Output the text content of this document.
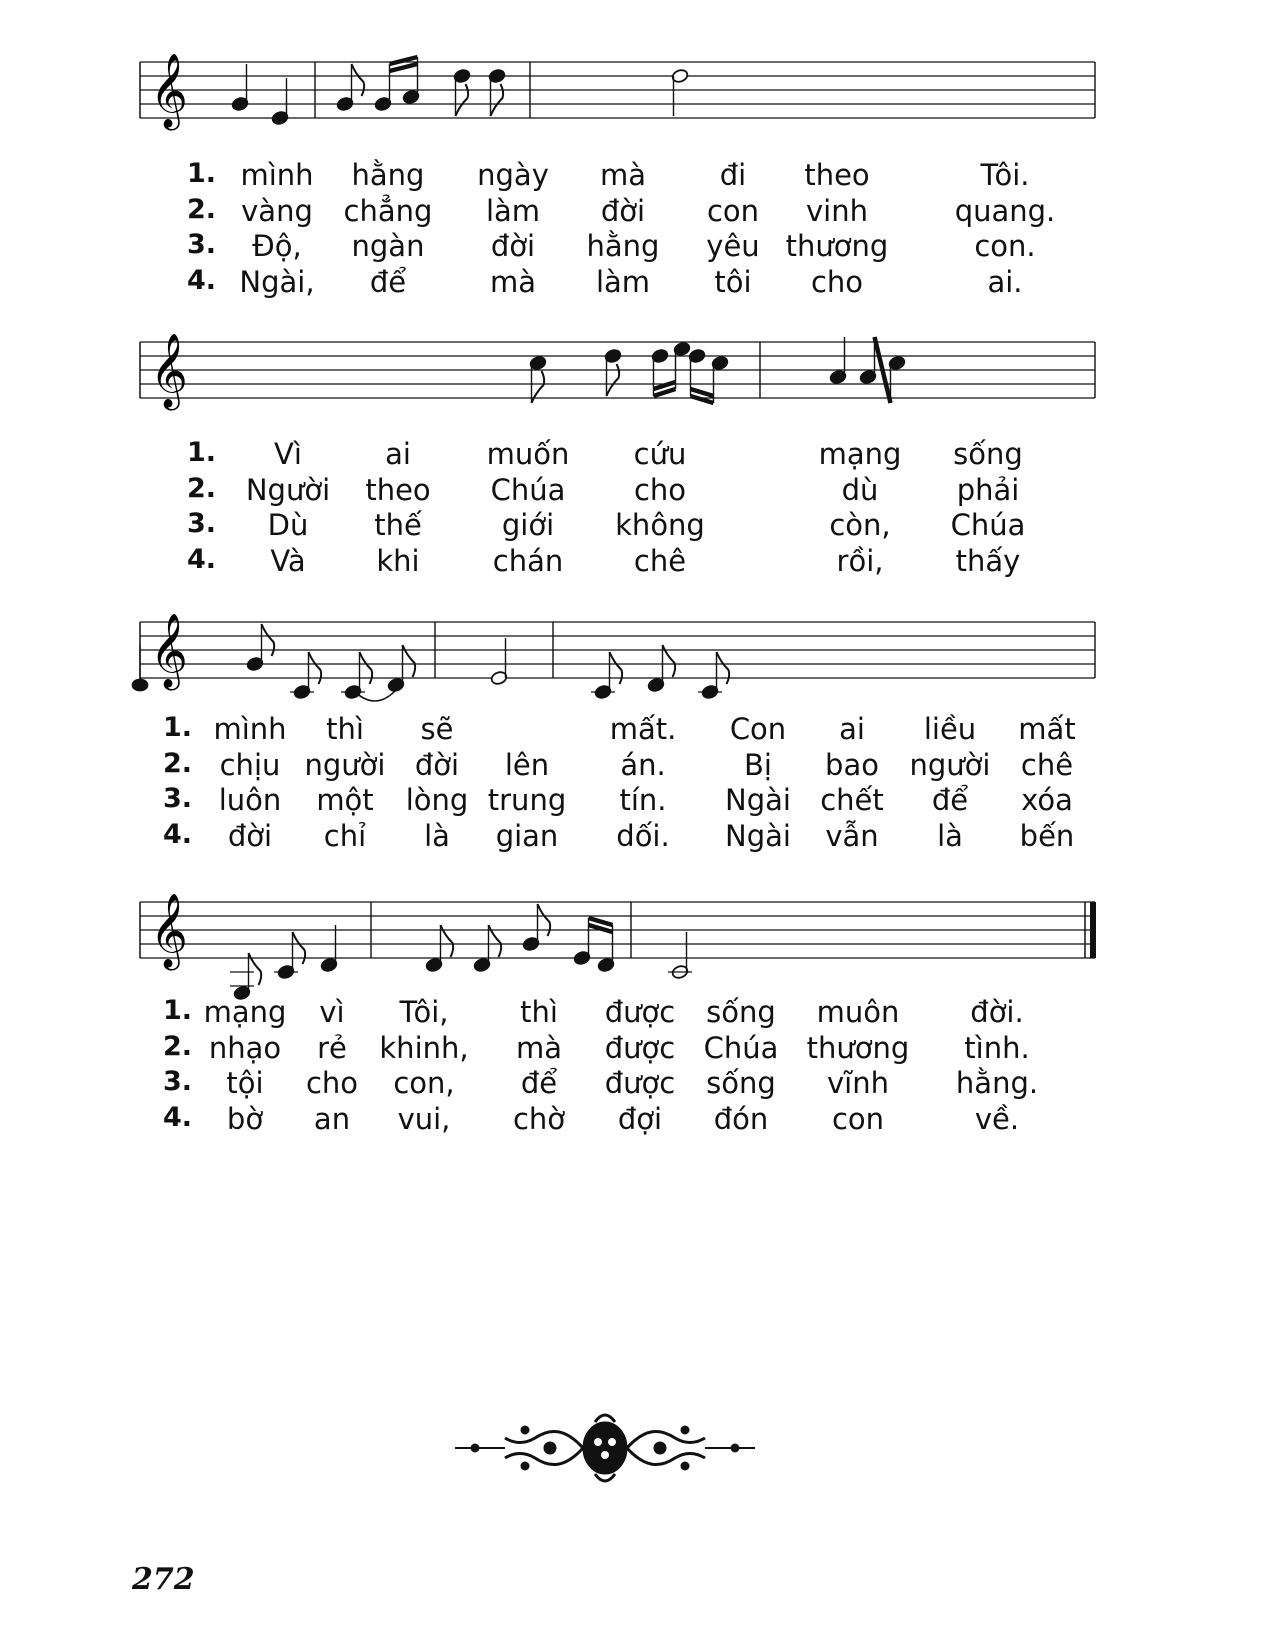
𝄞
1. mình hằng ngày mà	đi theo	Tôi.
2. vàng chẳng làm đời con vinh	quang.
3. Độ, ngàn đời hằng yêu thương	con.
4. Ngài, để	mà làm tôi cho	ai.
𝄞
1. Vì	ai	muốn cứu	mạng sống
2. Người theo Chúa cho	dù	phải
3. Dù thế	giới không	còn, Chúa
4. Và khi	chán chê	rồi, thấy
𝄞
1. mình thì sẽ	mất. Con ai liều mất
2. chịu người đời lên án.	Bị bao người chê
3. luôn một lòng trung tín. Ngài chết để xóa
4. đời chỉ là gian dối. Ngài vẫn là bến
𝄞
1. mạng vì Tôi, thì được sống muôn đời.
2. nhạo rẻ khinh, mà được Chúa thương tình.
3. tội cho con, để được sống vĩnh hằng.
4. bờ an vui, chờ đợi đón con	về.
272
